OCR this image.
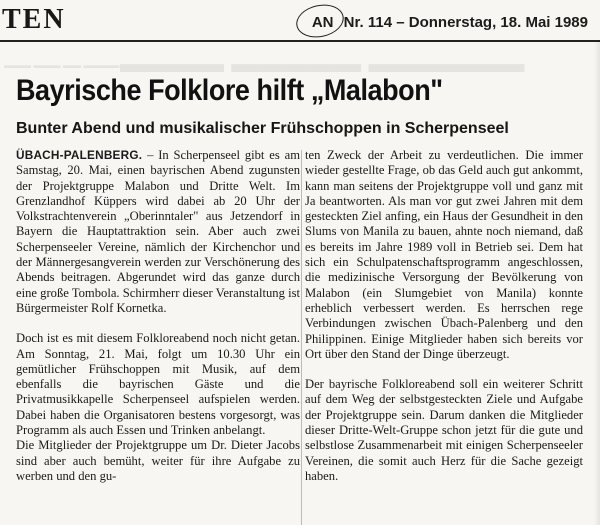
TEN	AN Nr. 114 – Donnerstag, 18. Mai 1989
▬▬▬▬ ▬▬▬▬▬ ▬▬▬▬▬▬
▬▬▬ ▬▬▬ ▬▬ ▬▬▬▬
Bayrische Folklore hilft „Malabon"
Bunter Abend und musikalischer Frühschoppen in Scherpenseel

ÜBACH-PALENBERG. – In Scherpenseel gibt es am Samstag, 20. Mai, einen bayrischen Abend zugunsten der Projektgruppe Malabon und Dritte Welt. Im Grenzlandhof Küppers wird dabei ab 20 Uhr der Volkstrachtenverein „Oberinntaler" aus Jetzendorf in Bayern die Hauptattraktion sein. Aber auch zwei Scherpenseeler Vereine, nämlich der Kirchenchor und der Männergesangverein werden zur Verschönerung des Abends beitragen. Abgerundet wird das ganze durch eine große Tombola. Schirmherr dieser Veranstaltung ist Bürgermeister Rolf Kornetka.

Doch ist es mit diesem Folkloreabend noch nicht getan. Am Sonntag, 21. Mai, folgt um 10.30 Uhr ein gemütlicher Frühschoppen mit Musik, auf dem ebenfalls die bayrischen Gäste und die Privatmusikkapelle Scherpenseel aufspielen werden. Dabei haben die Organisatoren bestens vorgesorgt, was Programm als auch Essen und Trinken anbelangt.

Die Mitglieder der Projektgruppe um Dr. Dieter Jacobs sind aber auch bemüht, weiter für ihre Aufgabe zu werben und den gu-

ten Zweck der Arbeit zu verdeutlichen. Die immer wieder gestellte Frage, ob das Geld auch gut ankommt, kann man seitens der Projektgruppe voll und ganz mit Ja beantworten. Als man vor gut zwei Jahren mit dem gesteckten Ziel anfing, ein Haus der Gesundheit in den Slums von Manila zu bauen, ahnte noch niemand, daß es bereits im Jahre 1989 voll in Betrieb sei. Dem hat sich ein Schulpatenschaftsprogramm angeschlossen, die medizinische Versorgung der Bevölkerung von Malabon (ein Slumgebiet von Manila) konnte erheblich verbessert werden. Es herrschen rege Verbindungen zwischen Übach-Palenberg und den Philippinen. Einige Mitglieder haben sich bereits vor Ort über den Stand der Dinge überzeugt.

Der bayrische Folkloreabend soll ein weiterer Schritt auf dem Weg der selbstgesteckten Ziele und Aufgabe der Projektgruppe sein. Darum danken die Mitglieder dieser Dritte-Welt-Gruppe schon jetzt für die gute und selbstlose Zusammenarbeit mit einigen Scherpenseeler Vereinen, die somit auch Herz für die Sache gezeigt haben.
